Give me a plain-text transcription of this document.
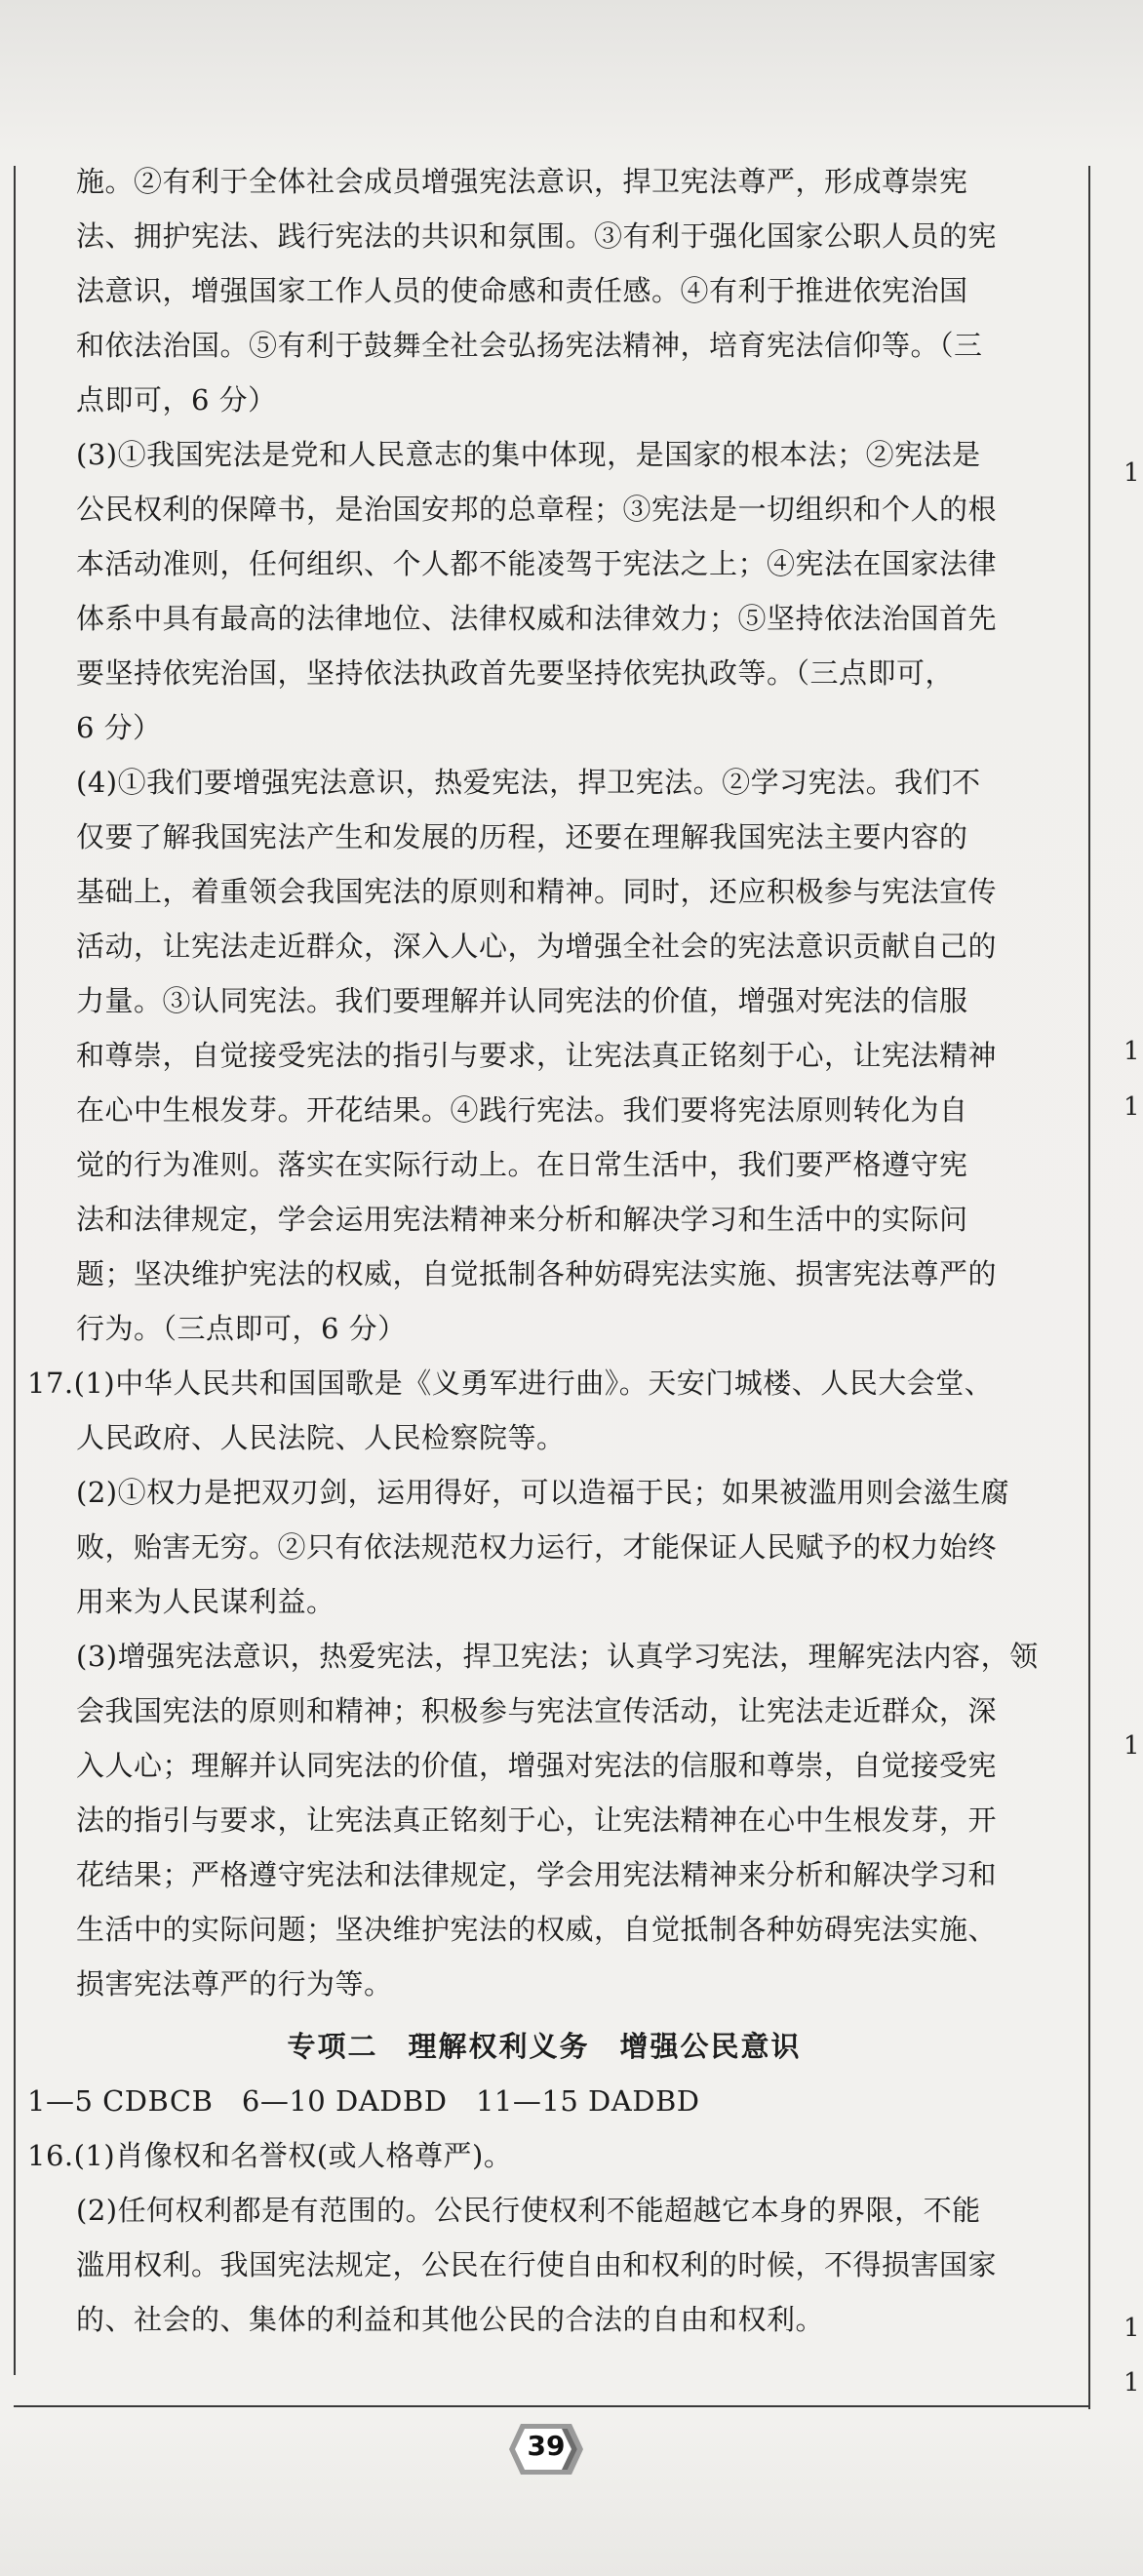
1
1
1
1
1
1
施。②有利于全体社会成员增强宪法意识，捍卫宪法尊严，形成尊崇宪
法、拥护宪法、践行宪法的共识和氛围。③有利于强化国家公职人员的宪
法意识，增强国家工作人员的使命感和责任感。④有利于推进依宪治国
和依法治国。⑤有利于鼓舞全社会弘扬宪法精神，培育宪法信仰等。（三
点即可，6 分）
(3)①我国宪法是党和人民意志的集中体现，是国家的根本法；②宪法是
公民权利的保障书，是治国安邦的总章程；③宪法是一切组织和个人的根
本活动准则，任何组织、个人都不能凌驾于宪法之上；④宪法在国家法律
体系中具有最高的法律地位、法律权威和法律效力；⑤坚持依法治国首先
要坚持依宪治国，坚持依法执政首先要坚持依宪执政等。（三点即可，
6 分）
(4)①我们要增强宪法意识，热爱宪法，捍卫宪法。②学习宪法。我们不
仅要了解我国宪法产生和发展的历程，还要在理解我国宪法主要内容的
基础上，着重领会我国宪法的原则和精神。同时，还应积极参与宪法宣传
活动，让宪法走近群众，深入人心，为增强全社会的宪法意识贡献自己的
力量。③认同宪法。我们要理解并认同宪法的价值，增强对宪法的信服
和尊崇，自觉接受宪法的指引与要求，让宪法真正铭刻于心，让宪法精神
在心中生根发芽。开花结果。④践行宪法。我们要将宪法原则转化为自
觉的行为准则。落实在实际行动上。在日常生活中，我们要严格遵守宪
法和法律规定，学会运用宪法精神来分析和解决学习和生活中的实际问
题；坚决维护宪法的权威，自觉抵制各种妨碍宪法实施、损害宪法尊严的
行为。（三点即可，6 分）
17.(1)中华人民共和国国歌是《义勇军进行曲》。天安门城楼、人民大会堂、
人民政府、人民法院、人民检察院等。
(2)①权力是把双刃剑，运用得好，可以造福于民；如果被滥用则会滋生腐
败，贻害无穷。②只有依法规范权力运行，才能保证人民赋予的权力始终
用来为人民谋利益。
(3)增强宪法意识，热爱宪法，捍卫宪法；认真学习宪法，理解宪法内容，领
会我国宪法的原则和精神；积极参与宪法宣传活动，让宪法走近群众，深
入人心；理解并认同宪法的价值，增强对宪法的信服和尊崇，自觉接受宪
法的指引与要求，让宪法真正铭刻于心，让宪法精神在心中生根发芽，开
花结果；严格遵守宪法和法律规定，学会用宪法精神来分析和解决学习和
生活中的实际问题；坚决维护宪法的权威，自觉抵制各种妨碍宪法实施、
损害宪法尊严的行为等。
专项二　理解权利义务　增强公民意识
1—5 CDBCB　6—10 DADBD　11—15 DADBD
16.(1)肖像权和名誉权(或人格尊严)。
(2)任何权利都是有范围的。公民行使权利不能超越它本身的界限，不能
滥用权利。我国宪法规定，公民在行使自由和权利的时候，不得损害国家
的、社会的、集体的利益和其他公民的合法的自由和权利。
39
